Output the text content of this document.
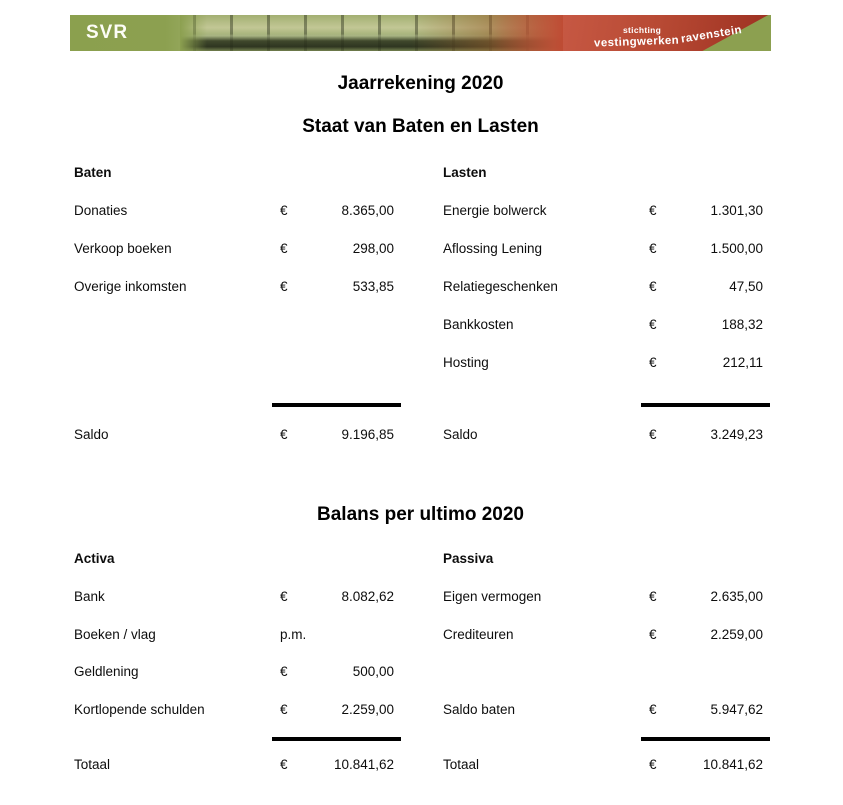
SVR	stichting
vestingwerkenravenstein
Jaarrekening 2020
Staat van Baten en Lasten
Baten
Donaties	€	8.365,00
Verkoop boeken	€	298,00
Overige inkomsten	€	533,85
Saldo	€	9.196,85
Lasten
Energie bolwerck	€	1.301,30
Aflossing Lening	€	1.500,00
Relatiegeschenken	€	47,50
Bankkosten	€	188,32
Hosting	€	212,11
Saldo	€	3.249,23
Balans per ultimo 2020
Activa
Bank	€	8.082,62
Boeken / vlag	p.m.
Geldlening	€	500,00
Kortlopende schulden	€	2.259,00
Totaal	€	10.841,62
Passiva
Eigen vermogen	€	2.635,00
Crediteuren	€	2.259,00
Saldo baten	€	5.947,62
Totaal	€	10.841,62
